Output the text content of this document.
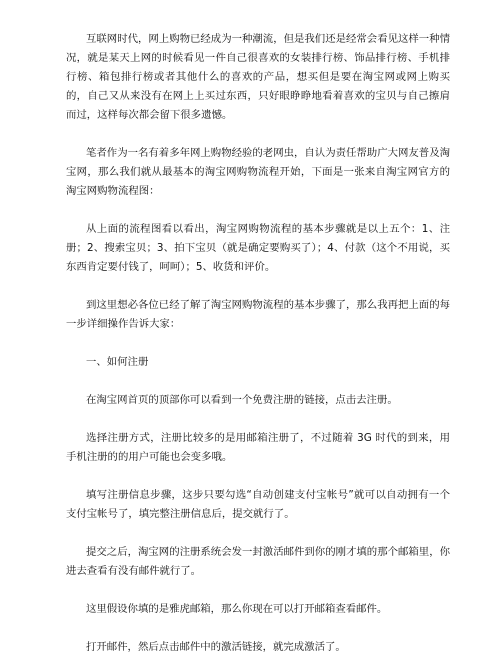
互联网时代，网上购物已经成为一种潮流，但是我们还是经常会看见这样一种情况，就是某天上网的时候看见一件自己很喜欢的女装排行榜、饰品排行榜、手机排行榜、箱包排行榜或者其他什么的喜欢的产品，想买但是要在淘宝网或网上购买的，自己又从来没有在网上上买过东西，只好眼睁睁地看着喜欢的宝贝与自己擦肩而过，这样每次都会留下很多遗憾。

笔者作为一名有着多年网上购物经验的老网虫，自认为责任帮助广大网友普及淘宝网，那么我们就从最基本的淘宝网购物流程开始，下面是一张来自淘宝网官方的淘宝网购物流程图：

从上面的流程图看以看出，淘宝网购物流程的基本步骤就是以上五个：1、注册；2、搜索宝贝；3、拍下宝贝（就是确定要购买了）；4、付款（这个不用说，买东西肯定要付钱了，呵呵）；5、收货和评价。

到这里想必各位已经了解了淘宝网购物流程的基本步骤了，那么我再把上面的每一步详细操作告诉大家：

一、如何注册

在淘宝网首页的顶部你可以看到一个免费注册的链接，点击去注册。

选择注册方式，注册比较多的是用邮箱注册了，不过随着 3G 时代的到来，用手机注册的的用户可能也会变多哦。

填写注册信息步骤，这步只要勾选“自动创建支付宝帐号”就可以自动拥有一个支付宝帐号了，填完整注册信息后，提交就行了。

提交之后，淘宝网的注册系统会发一封激活邮件到你的刚才填的那个邮箱里，你进去查看有没有邮件就行了。

这里假设你填的是雅虎邮箱，那么你现在可以打开邮箱查看邮件。

打开邮件，然后点击邮件中的激活链接，就完成激活了。
